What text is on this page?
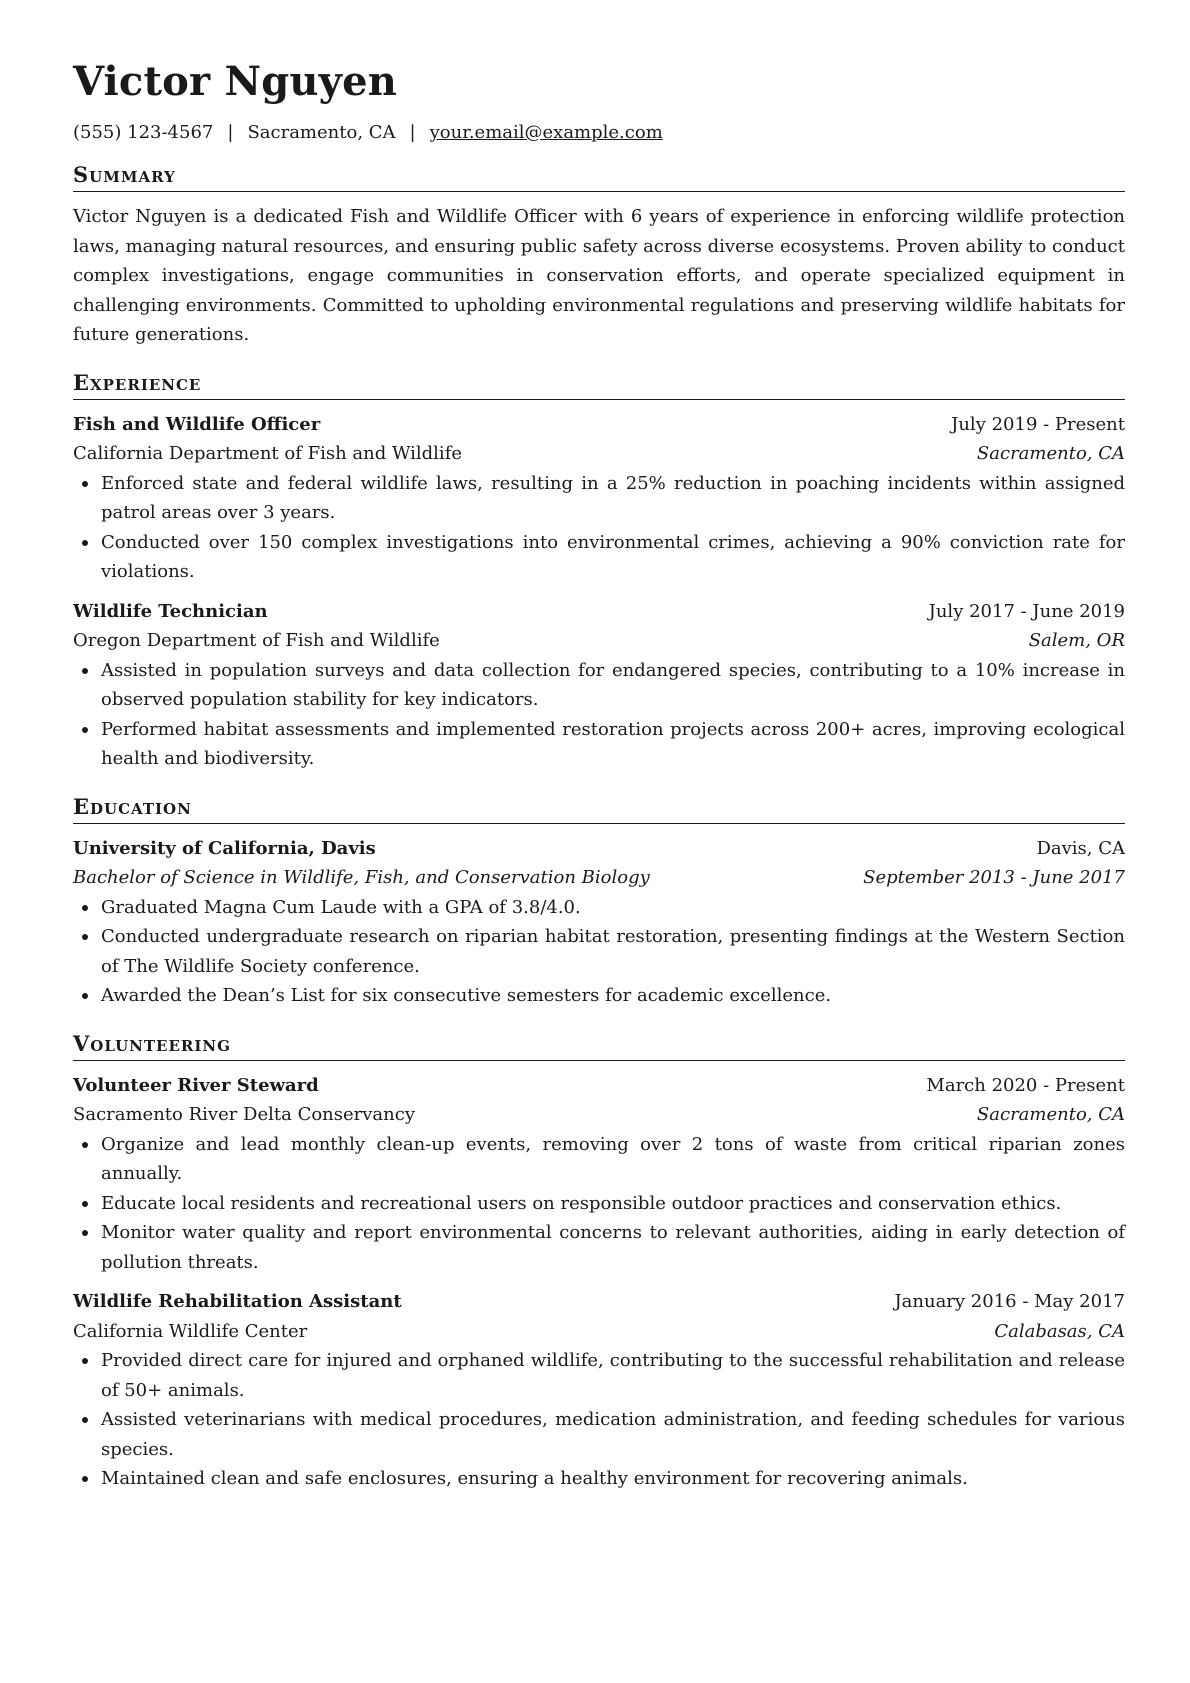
Victor Nguyen
(555) 123-4567 | Sacramento, CA | your.email@example.com
Summary

Victor Nguyen is a dedicated Fish and Wildlife Officer with 6 years of experience in enforcing wildlife protection laws, managing natural resources, and ensuring public safety across diverse ecosystems. Proven ability to conduct complex investigations, engage communities in conservation efforts, and operate specialized equipment in challenging environments. Committed to upholding environmental regulations and preserving wildlife habitats for future generations.

Experience
Fish and Wildlife Officer	July 2019 - Present
California Department of Fish and Wildlife	Sacramento, CA
Enforced state and federal wildlife laws, resulting in a 25% reduction in poaching incidents within assigned patrol areas over 3 years.
Conducted over 150 complex investigations into environmental crimes, achieving a 90% conviction rate for violations.
Wildlife Technician	July 2017 - June 2019
Oregon Department of Fish and Wildlife	Salem, OR
Assisted in population surveys and data collection for endangered species, contributing to a 10% increase in observed population stability for key indicators.
Performed habitat assessments and implemented restoration projects across 200+ acres, improving ecological health and biodiversity.
Education
University of California, Davis	Davis, CA
Bachelor of Science in Wildlife, Fish, and Conservation Biology	September 2013 - June 2017
Graduated Magna Cum Laude with a GPA of 3.8/4.0.
Conducted undergraduate research on riparian habitat restoration, presenting findings at the Western Section of The Wildlife Society conference.
Awarded the Dean’s List for six consecutive semesters for academic excellence.
Volunteering
Volunteer River Steward	March 2020 - Present
Sacramento River Delta Conservancy	Sacramento, CA
Organize and lead monthly clean-up events, removing over 2 tons of waste from critical riparian zones annually.
Educate local residents and recreational users on responsible outdoor practices and conservation ethics.
Monitor water quality and report environmental concerns to relevant authorities, aiding in early detection of pollution threats.
Wildlife Rehabilitation Assistant	January 2016 - May 2017
California Wildlife Center	Calabasas, CA
Provided direct care for injured and orphaned wildlife, contributing to the successful rehabilitation and release of 50+ animals.
Assisted veterinarians with medical procedures, medication administration, and feeding schedules for various species.
Maintained clean and safe enclosures, ensuring a healthy environment for recovering animals.
